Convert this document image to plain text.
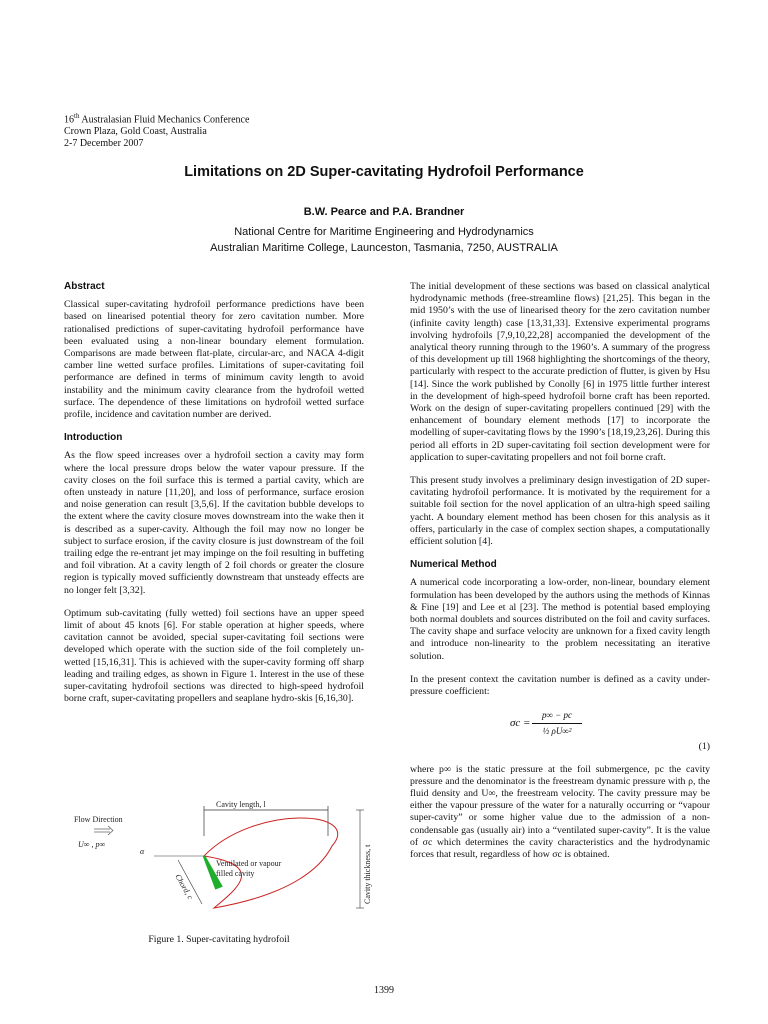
16th Australasian Fluid Mechanics Conference
Crown Plaza, Gold Coast, Australia
2-7 December 2007
Limitations on 2D Super-cavitating Hydrofoil Performance
B.W. Pearce and P.A. Brandner
National Centre for Maritime Engineering and Hydrodynamics
Australian Maritime College, Launceston, Tasmania, 7250, AUSTRALIA
Abstract

Classical super-cavitating hydrofoil performance predictions have been based on linearised potential theory for zero cavitation number. More rationalised predictions of super-cavitating hydrofoil performance have been evaluated using a non-linear boundary element formulation. Comparisons are made between flat-plate, circular-arc, and NACA 4-digit camber line wetted surface profiles. Limitations of super-cavitating foil performance are defined in terms of minimum cavity length to avoid instability and the minimum cavity clearance from the hydrofoil wetted surface. The dependence of these limitations on hydrofoil wetted surface profile, incidence and cavitation number are derived.

Introduction

As the flow speed increases over a hydrofoil section a cavity may form where the local pressure drops below the water vapour pressure. If the cavity closes on the foil surface this is termed a partial cavity, which are often unsteady in nature [11,20], and loss of performance, surface erosion and noise generation can result [3,5,6]. If the cavitation bubble develops to the extent where the cavity closure moves downstream into the wake then it is described as a super-cavity. Although the foil may now no longer be subject to surface erosion, if the cavity closure is just downstream of the foil trailing edge the re-entrant jet may impinge on the foil resulting in buffeting and foil vibration. At a cavity length of 2 foil chords or greater the closure region is typically moved sufficiently downstream that unsteady effects are no longer felt [3,32].

Optimum sub-cavitating (fully wetted) foil sections have an upper speed limit of about 45 knots [6]. For stable operation at higher speeds, where cavitation cannot be avoided, special super-cavitating foil sections were developed which operate with the suction side of the foil completely un-wetted [15,16,31]. This is achieved with the super-cavity forming off sharp leading and trailing edges, as shown in Figure 1. Interest in the use of these super-cavitating hydrofoil sections was directed to high-speed hydrofoil borne craft, super-cavitating propellers and seaplane hydro-skis [6,16,30].

The initial development of these sections was based on classical analytical hydrodynamic methods (free-streamline flows) [21,25]. This began in the mid 1950’s with the use of linearised theory for the zero cavitation number (infinite cavity length) case [13,31,33]. Extensive experimental programs involving hydrofoils [7,9,10,22,28] accompanied the development of the analytical theory running through to the 1960’s. A summary of the progress of this development up till 1968 highlighting the shortcomings of the theory, particularly with respect to the accurate prediction of flutter, is given by Hsu [14]. Since the work published by Conolly [6] in 1975 little further interest in the development of high-speed hydrofoil borne craft has been reported. Work on the design of super-cavitating propellers continued [29] with the enhancement of boundary element methods [17] to incorporate the modelling of super-cavitating flows by the 1990’s [18,19,23,26]. During this period all efforts in 2D super-cavitating foil section development were for application to super-cavitating propellers and not foil borne craft.

This present study involves a preliminary design investigation of 2D super-cavitating hydrofoil performance. It is motivated by the requirement for a suitable foil section for the novel application of an ultra-high speed sailing yacht. A boundary element method has been chosen for this analysis as it offers, particularly in the case of complex section shapes, a computationally efficient solution [4].

Numerical Method

A numerical code incorporating a low-order, non-linear, boundary element formulation has been developed by the authors using the methods of Kinnas & Fine [19] and Lee et al [23]. The method is potential based employing both normal doublets and sources distributed on the foil and cavity surfaces. The cavity shape and surface velocity are unknown for a fixed cavity length and introduce non-linearity to the problem necessitating an iterative solution.

In the present context the cavitation number is defined as a cavity under-pressure coefficient:

$\sigma c = \frac{p\infty - pc}{\text{½ ρU∞²}}$
(1)

where p∞ is the static pressure at the foil submergence, pc the cavity pressure and the denominator is the freestream dynamic pressure with ρ, the fluid density and U∞, the freestream velocity. The cavity pressure may be either the vapour pressure of the water for a naturally occurring or “vapour super-cavity” or some higher value due to the admission of a non-condensable gas (usually air) into a “ventilated super-cavity”. It is the value of σc which determines the cavity characteristics and the hydrodynamic forces that result, regardless of how σc is obtained.

Cavity length, l
Flow Direction
U∞ , p∞
α
Ventilated or vapour
filled cavity
Chord, c	Cavity thickness, t
Figure 1. Super-cavitating hydrofoil
1399
